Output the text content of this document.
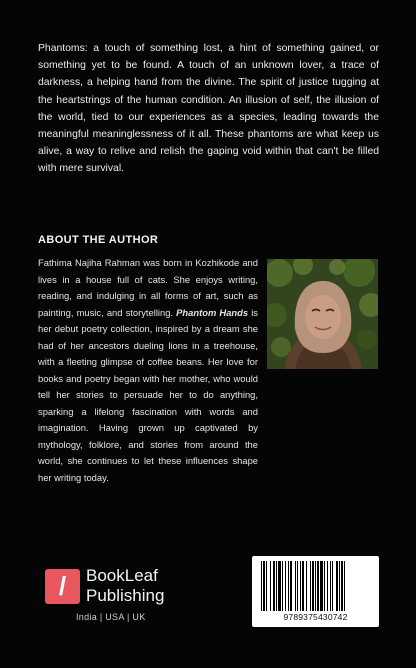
Phantoms: a touch of something lost, a hint of something gained, or something yet to be found. A touch of an unknown lover, a trace of darkness, a helping hand from the divine. The spirit of justice tugging at the heartstrings of the human condition. An illusion of self, the illusion of the world, tied to our experiences as a species, leading towards the meaningful meaninglessness of it all. These phantoms are what keep us alive, a way to relive and relish the gaping void within that can't be filled with mere survival.

ABOUT THE AUTHOR

Fathima Najiha Rahman was born in Kozhikode and lives in a house full of cats. She enjoys writing, reading, and indulging in all forms of art, such as painting, music, and storytelling. Phantom Hands is her debut poetry collection, inspired by a dream she had of her ancestors dueling lions in a treehouse, with a fleeting glimpse of coffee beans. Her love for books and poetry began with her mother, who would tell her stories to persuade her to do anything, sparking a lifelong fascination with words and imagination. Having grown up captivated by mythology, folklore, and stories from around the world, she continues to let these influences shape her writing today.

/	BookLeaf

Publishing

India | USA | UK	9789375430742
